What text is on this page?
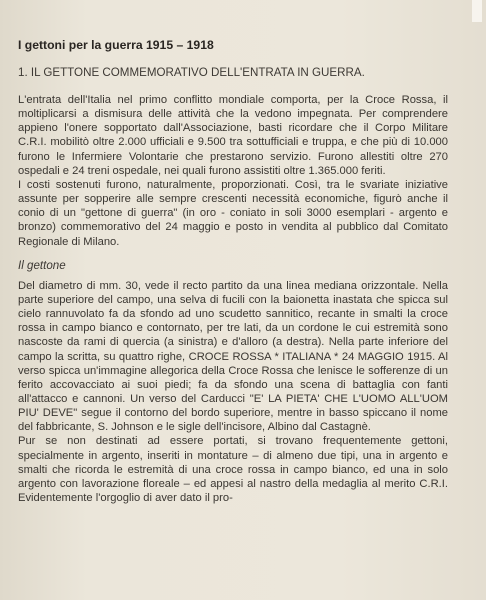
I gettoni per la guerra 1915 – 1918
1. IL GETTONE COMMEMORATIVO DELL'ENTRATA IN GUERRA.

L'entrata dell'Italia nel primo conflitto mondiale comporta, per la Croce Rossa, il moltiplicarsi a dismisura delle attività che la vedono impegnata. Per comprendere appieno l'onere sopportato dall'Associazione, basti ricordare che il Corpo Militare C.R.I. mobilitò oltre 2.000 ufficiali e 9.500 tra sottufficiali e truppa, e che più di 10.000 furono le Infermiere Volontarie che prestarono servizio. Furono allestiti oltre 270 ospedali e 24 treni ospedale, nei quali furono assistiti oltre 1.365.000 feriti.

I costi sostenuti furono, naturalmente, proporzionati. Così, tra le svariate iniziative assunte per sopperire alle sempre crescenti necessità economiche, figurò anche il conio di un "gettone di guerra" (in oro - coniato in soli 3000 esemplari - argento e bronzo) commemorativo del 24 maggio e posto in vendita al pubblico dal Comitato Regionale di Milano.

Il gettone

Del diametro di mm. 30, vede il recto partito da una linea mediana orizzontale. Nella parte superiore del campo, una selva di fucili con la baionetta inastata che spicca sul cielo rannuvolato fa da sfondo ad uno scudetto sannitico, recante in smalti la croce rossa in campo bianco e contornato, per tre lati, da un cordone le cui estremità sono nascoste da rami di quercia (a sinistra) e d'alloro (a destra). Nella parte inferiore del campo la scritta, su quattro righe, CROCE ROSSA * ITALIANA * 24 MAGGIO 1915. Al verso spicca un'immagine allegorica della Croce Rossa che lenisce le sofferenze di un ferito accovacciato ai suoi piedi; fa da sfondo una scena di battaglia con fanti all'attacco e cannoni. Un verso del Carducci "E' LA PIETA' CHE L'UOMO ALL'UOM PIU' DEVE" segue il contorno del bordo superiore, mentre in basso spiccano il nome del fabbricante, S. Johnson e le sigle dell'incisore, Albino dal Castagnè.

Pur se non destinati ad essere portati, si trovano frequentemente gettoni, specialmente in argento, inseriti in montature – di almeno due tipi, una in argento e smalti che ricorda le estremità di una croce rossa in campo bianco, ed una in solo argento con lavorazione floreale – ed appesi al nastro della medaglia al merito C.R.I. Evidentemente l'orgoglio di aver dato il pro-
